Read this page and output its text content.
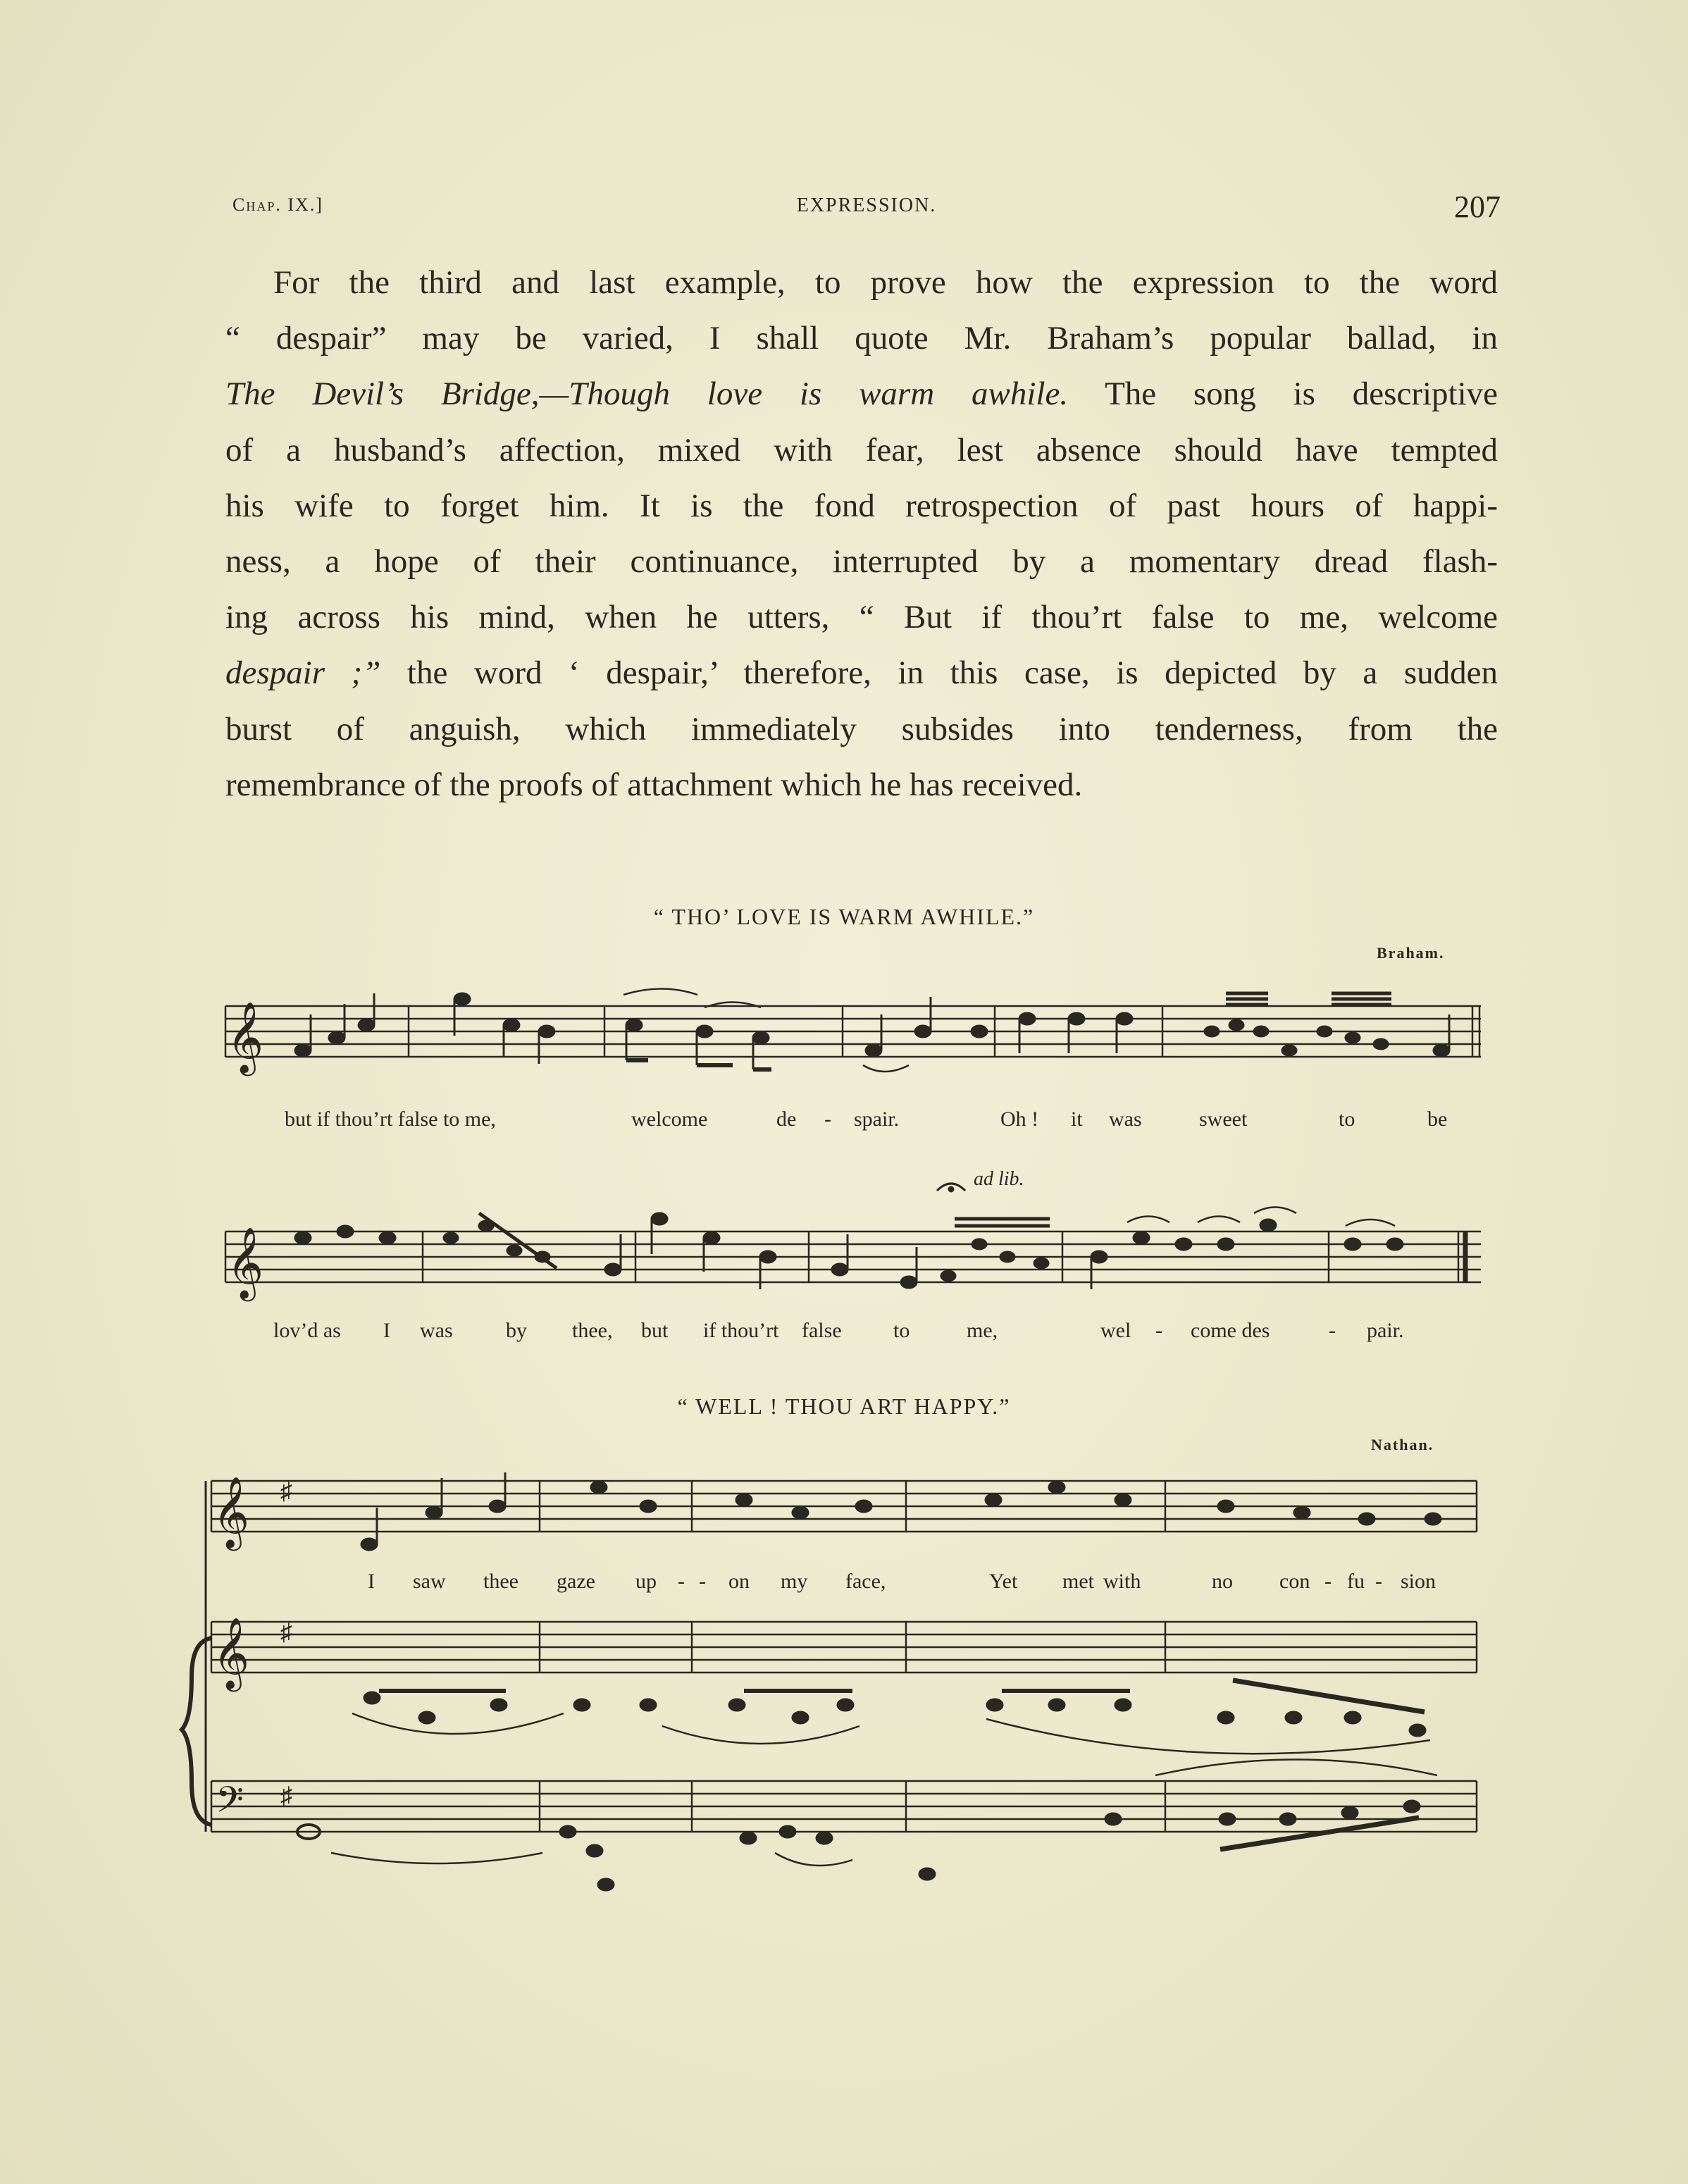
Chap. IX.]	EXPRESSION.	207
For the third and last example, to prove how the expression to the word
“ despair” may be varied, I shall quote Mr. Braham’s popular ballad, in
The Devil’s Bridge,—Though love is warm awhile. The song is descriptive
of a husband’s affection, mixed with fear, lest absence should have tempted
his wife to forget him. It is the fond retrospection of past hours of happi-
ness, a hope of their continuance, interrupted by a momentary dread flash-
ing across his mind, when he utters, “ But if thou’rt false to me, welcome
despair ;” the word ‘ despair,’ therefore, in this case, is depicted by a sudden
burst of anguish, which immediately subsides into tenderness, from the
remembrance of the proofs of attachment which he has received.
“ THO’ LOVE IS WARM AWHILE.”
Braham.
𝄞
𝄞
𝄞 ♯
𝄞 ♯
𝄢 ♯
but if thou’rt false to me,	welcome	de - spair.	Oh ! it was	sweet	to	be
ad lib.
lov’d as I was	by thee, but if thou’rt false to	me,	wel - come des	- pair.
“ WELL ! THOU ART HAPPY.”
Nathan.
I saw thee gaze up - - on my face,	Yet met with	no con - fu - sion
